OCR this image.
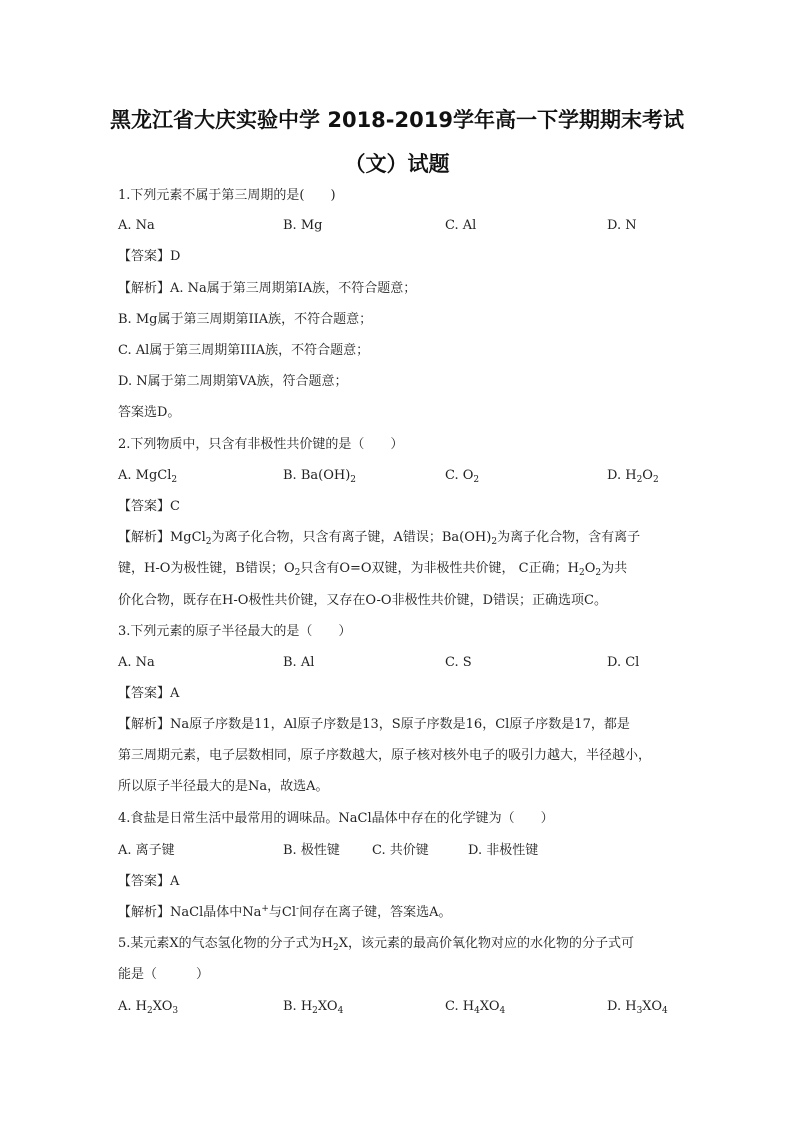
黑龙江省大庆实验中学 2018-2019学年高一下学期期末考试
（文）试题
1.下列元素不属于第三周期的是(　　)
A. Na	B. Mg	C. Al	D. N
【答案】D
【解析】A. Na属于第三周期第IA族，不符合题意；
B. Mg属于第三周期第IIA族，不符合题意；
C. Al属于第三周期第IIIA族，不符合题意；
D. N属于第二周期第VA族，符合题意；
答案选D。
2.下列物质中，只含有非极性共价键的是（　　）
A. MgCl$_2$	B. $Ba(OH)_2$	C. $O_2$	D. $H_2O_2$
【答案】C
【解析】MgCl$_2$为离子化合物，只含有离子键，A错误；$Ba(OH)_2$为离子化合物，含有离子
键，H-O为极性键，B错误；$O_2$只含有O=O双键，为非极性共价键， C正确；$H_2O_2$为共
价化合物，既存在H-O极性共价键，又存在O-O非极性共价键，D错误；正确选项C。
3.下列元素的原子半径最大的是（　　）
A. Na	B. Al	C. S	D. Cl
【答案】A
【解析】Na原子序数是11，Al原子序数是13，S原子序数是16，Cl原子序数是17，都是
第三周期元素，电子层数相同，原子序数越大，原子核对核外电子的吸引力越大，半径越小，
所以原子半径最大的是Na，故选A。
4.食盐是日常生活中最常用的调味品。NaCl晶体中存在的化学键为（　　）
A. 离子键	B. 极性键 C. 共价键	D. 非极性键
【答案】A
【解析】NaCl晶体中Na+与Cl-间存在离子键，答案选A。
5.某元素X的气态氢化物的分子式为$H_2X$，该元素的最高价氧化物对应的水化物的分子式可
能是（　　　）
A. $H_2XO_3$	B. $H_2XO_4$	C. $H_4XO_4$	D. $H_3XO_4$
